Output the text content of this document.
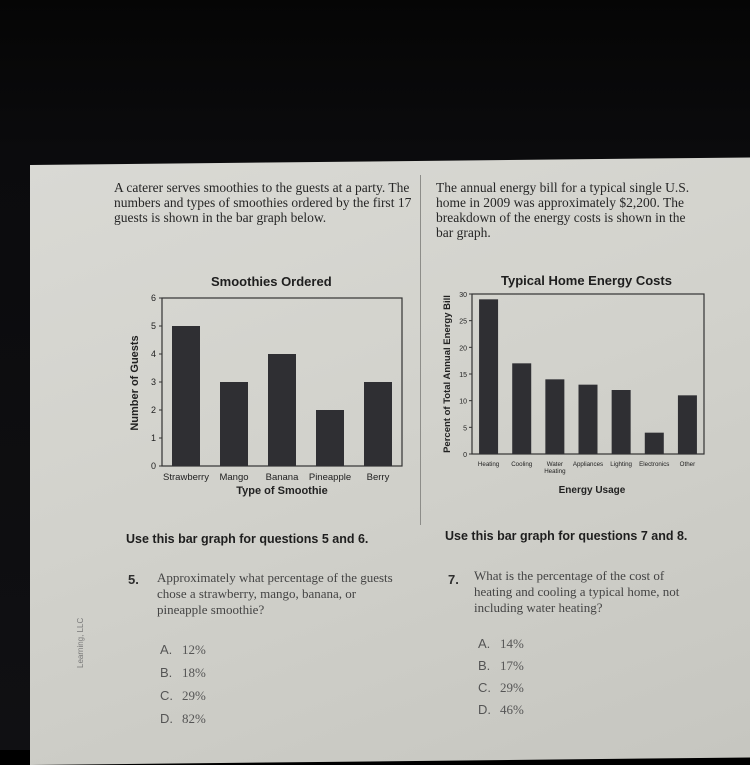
A caterer serves smoothies to the guests at a party. The numbers and types of smoothies ordered by the first 17 guests is shown in the bar graph below.
The annual energy bill for a typical single U.S. home in 2009 was approximately $2,200. The breakdown of the energy costs is shown in the bar graph.
Smoothies Ordered	Typical Home Energy Costs
0
1
2
3
4
5
6
Strawberry Mango Banana Pineapple Berry
Number of Guests
Type of Smoothie
0
5
10
15
20
25
30
Heating Cooling	Water Heating
Appliances Lighting Electronics Other
Percent of Total Annual Energy Bill
Energy Usage
Use this bar graph for questions 5 and 6.	Use this bar graph for questions 7 and 8.
5. Approximately what percentage of the guests chose a strawberry, mango, banana, or pineapple smoothie?
A. 12%
B. 18%
C. 29%
D. 82%
7. What is the percentage of the cost of heating and cooling a typical home, not including water heating?
A. 14%
B. 17%
C. 29%
D. 46%
Learning, LLC
